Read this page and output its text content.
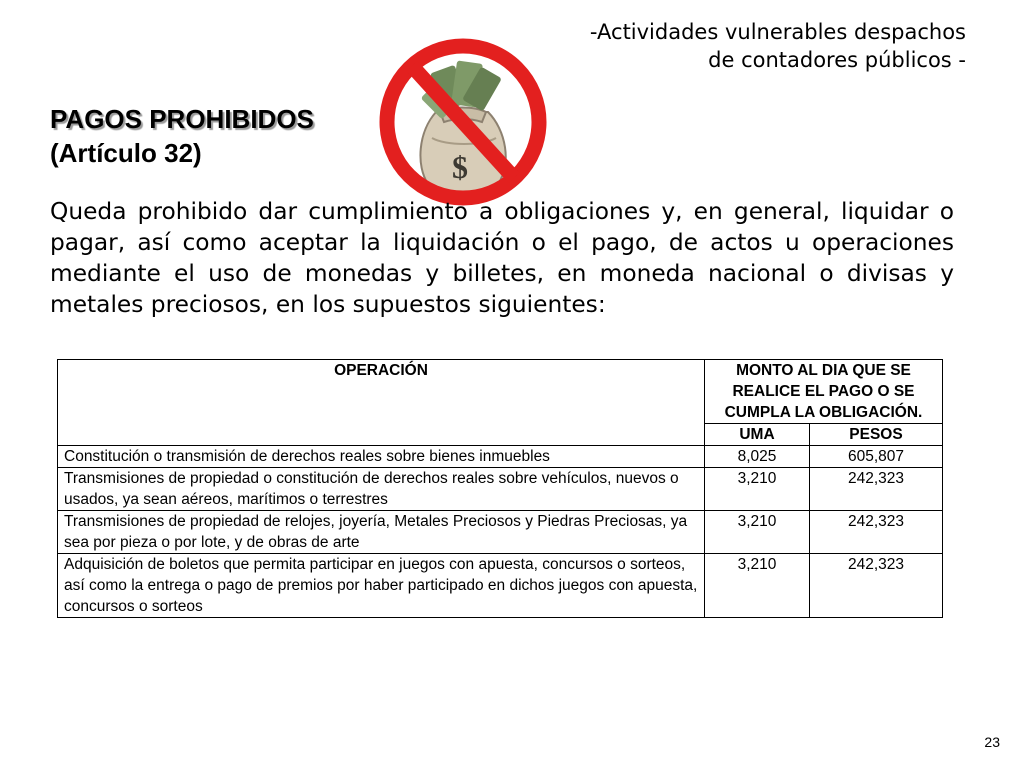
-Actividades vulnerables despachos
de contadores públicos -
PAGOS PROHIBIDOS
(Artículo 32)	$
Queda prohibido dar cumplimiento a obligaciones y, en general, liquidar o pagar, así como aceptar la liquidación o el pago, de actos u operaciones mediante el uso de monedas y billetes, en moneda nacional o divisas y metales preciosos, en los supuestos siguientes:
OPERACIÓN	MONTO AL DIA QUE SE REALICE EL PAGO O SE CUMPLA LA OBLIGACIÓN.	
	UMA	PESOS
Constitución o transmisión de derechos reales sobre bienes inmuebles	8,025	605,807
Transmisiones de propiedad o constitución de derechos reales sobre vehículos, nuevos o usados, ya sean aéreos, marítimos o terrestres	3,210	242,323
Transmisiones de propiedad de relojes, joyería, Metales Preciosos y Piedras Preciosas, ya sea por pieza o por lote, y de obras de arte	3,210	242,323
Adquisición de boletos que permita participar en juegos con apuesta, concursos o sorteos, así como la entrega o pago de premios por haber participado en dichos juegos con apuesta, concursos o sorteos	3,210	242,323
23
